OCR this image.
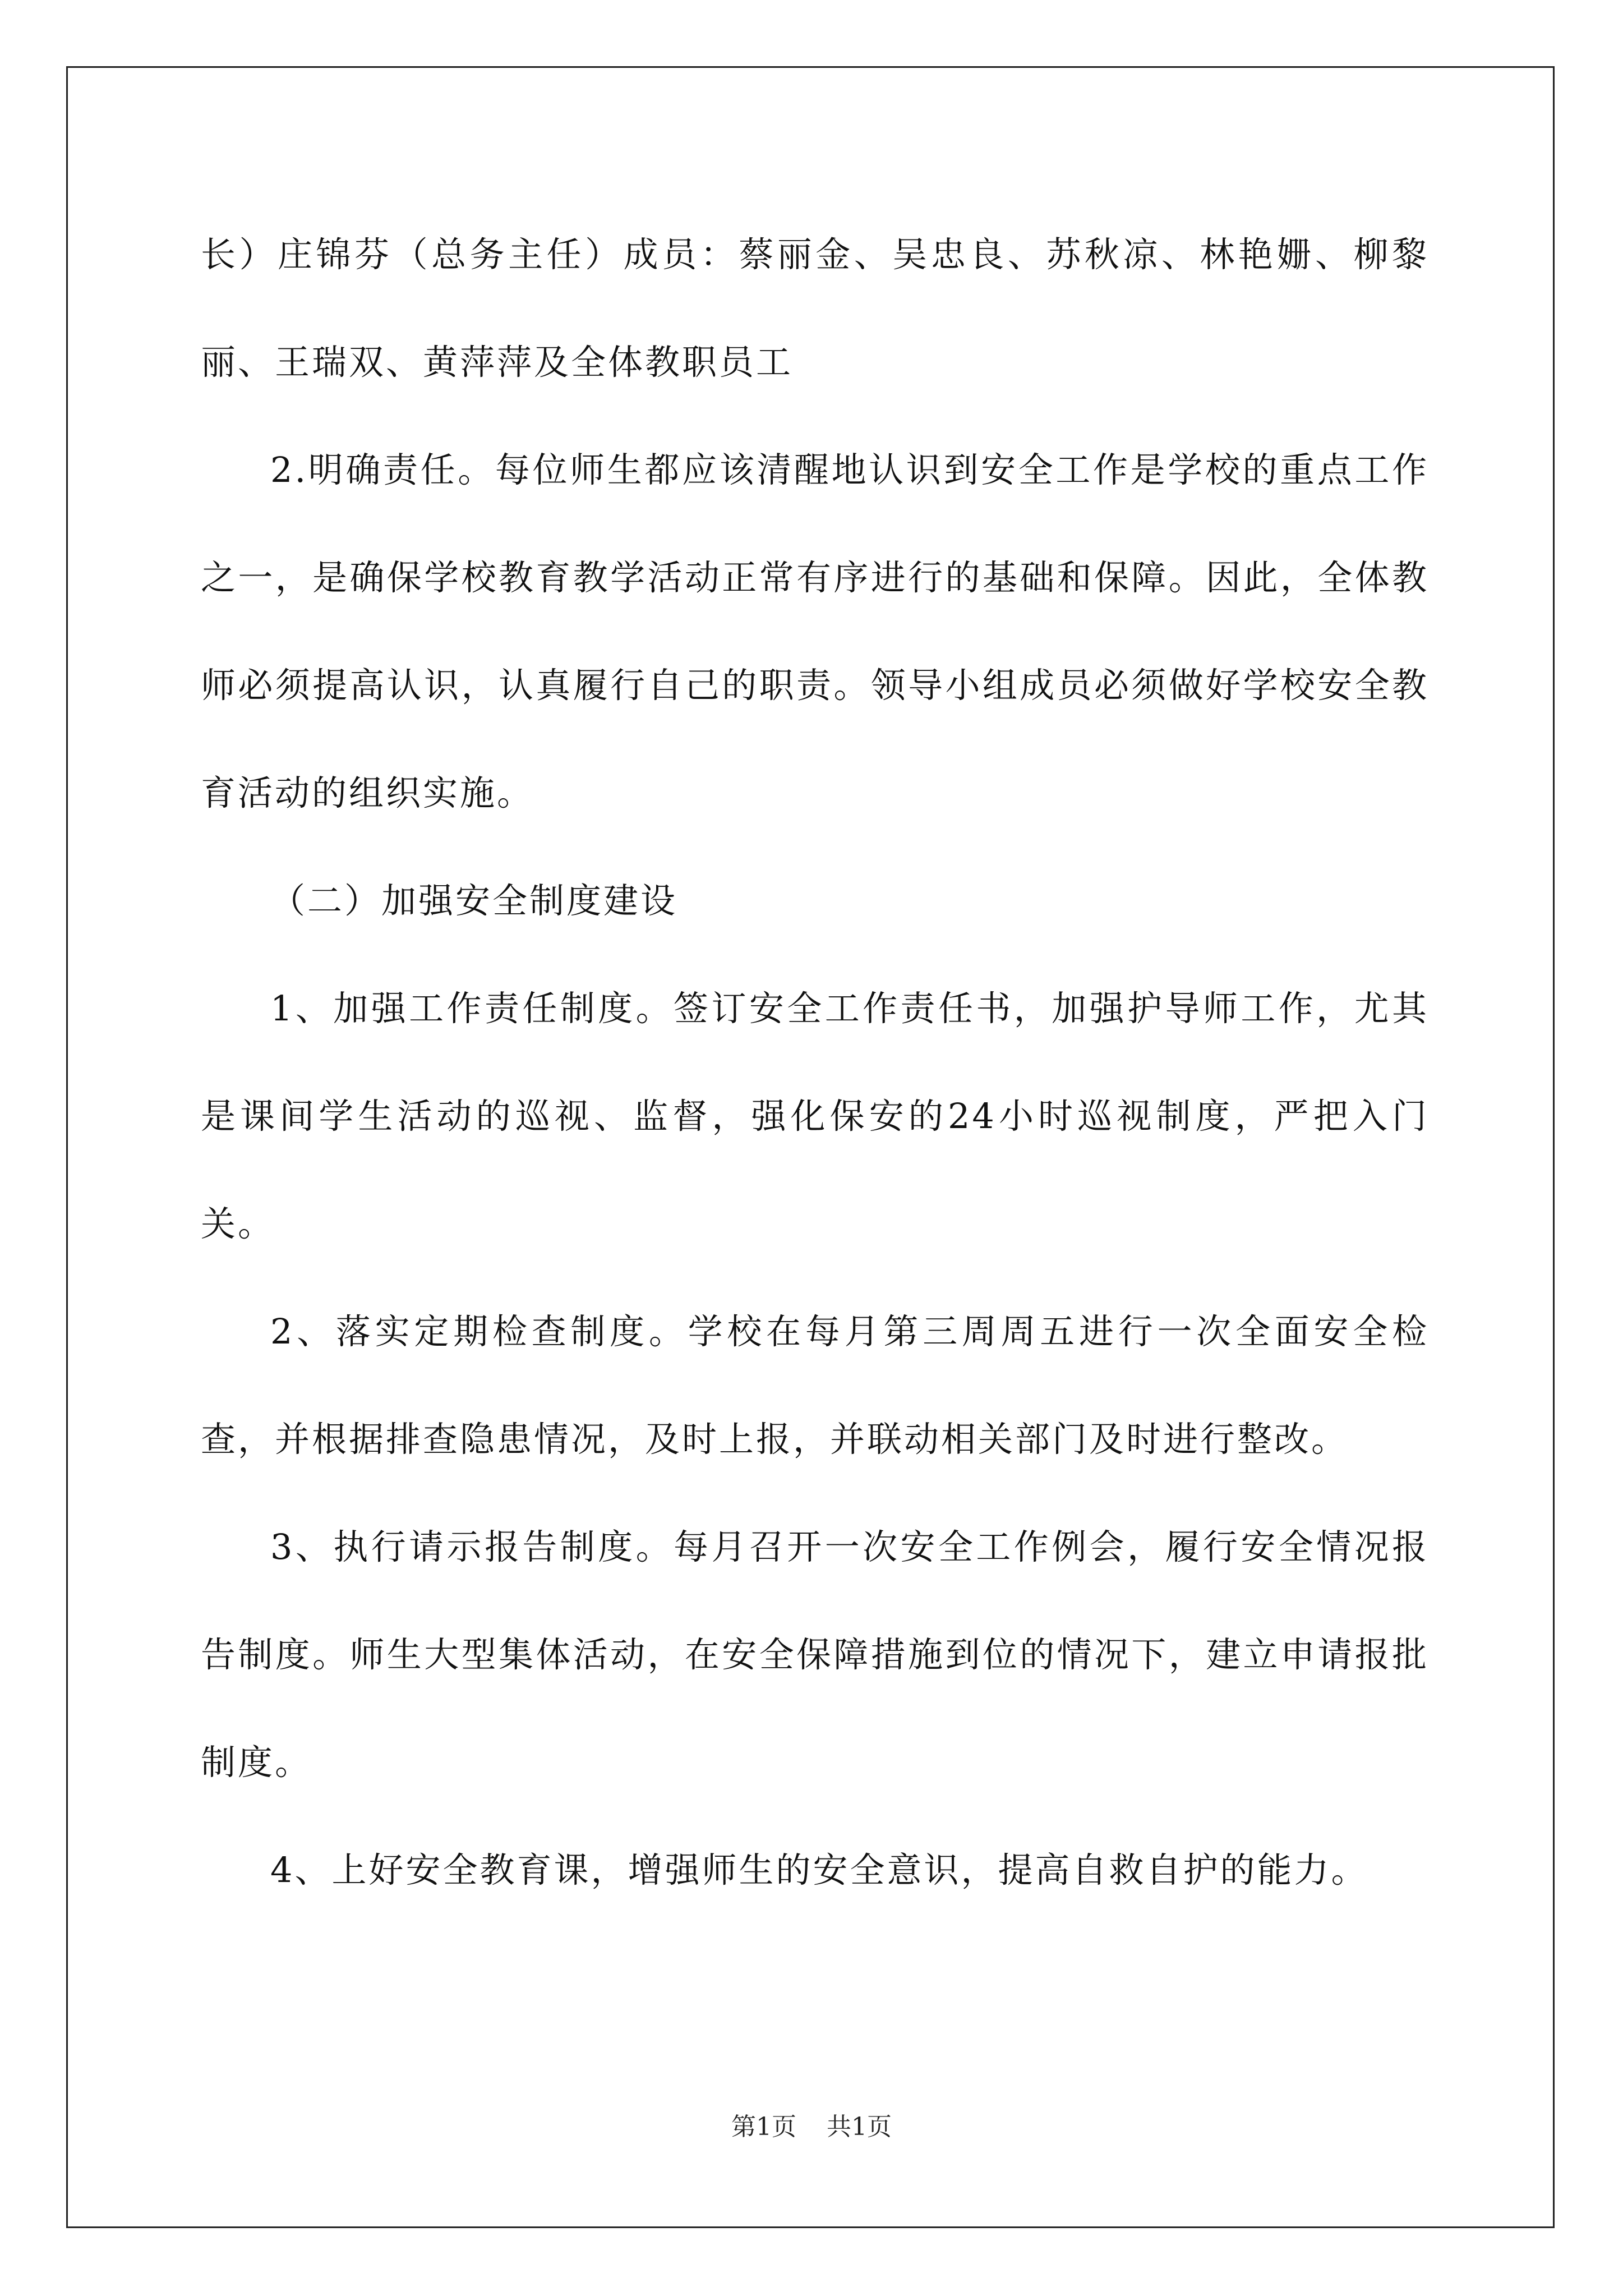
长）庄锦芬（总务主任）成员：蔡丽金、吴忠良、苏秋凉、林艳姗、柳黎丽、王瑞双、黄萍萍及全体教职员工

2.明确责任。每位师生都应该清醒地认识到安全工作是学校的重点工作之一，是确保学校教育教学活动正常有序进行的基础和保障。因此，全体教师必须提高认识，认真履行自己的职责。领导小组成员必须做好学校安全教育活动的组织实施。

（二）加强安全制度建设

1、加强工作责任制度。签订安全工作责任书，加强护导师工作，尤其是课间学生活动的巡视、监督，强化保安的24小时巡视制度，严把入门关。

2、落实定期检查制度。学校在每月第三周周五进行一次全面安全检查，并根据排查隐患情况，及时上报，并联动相关部门及时进行整改。

3、执行请示报告制度。每月召开一次安全工作例会，履行安全情况报告制度。师生大型集体活动，在安全保障措施到位的情况下，建立申请报批制度。

4、上好安全教育课，增强师生的安全意识，提高自救自护的能力。

第1页 共1页
